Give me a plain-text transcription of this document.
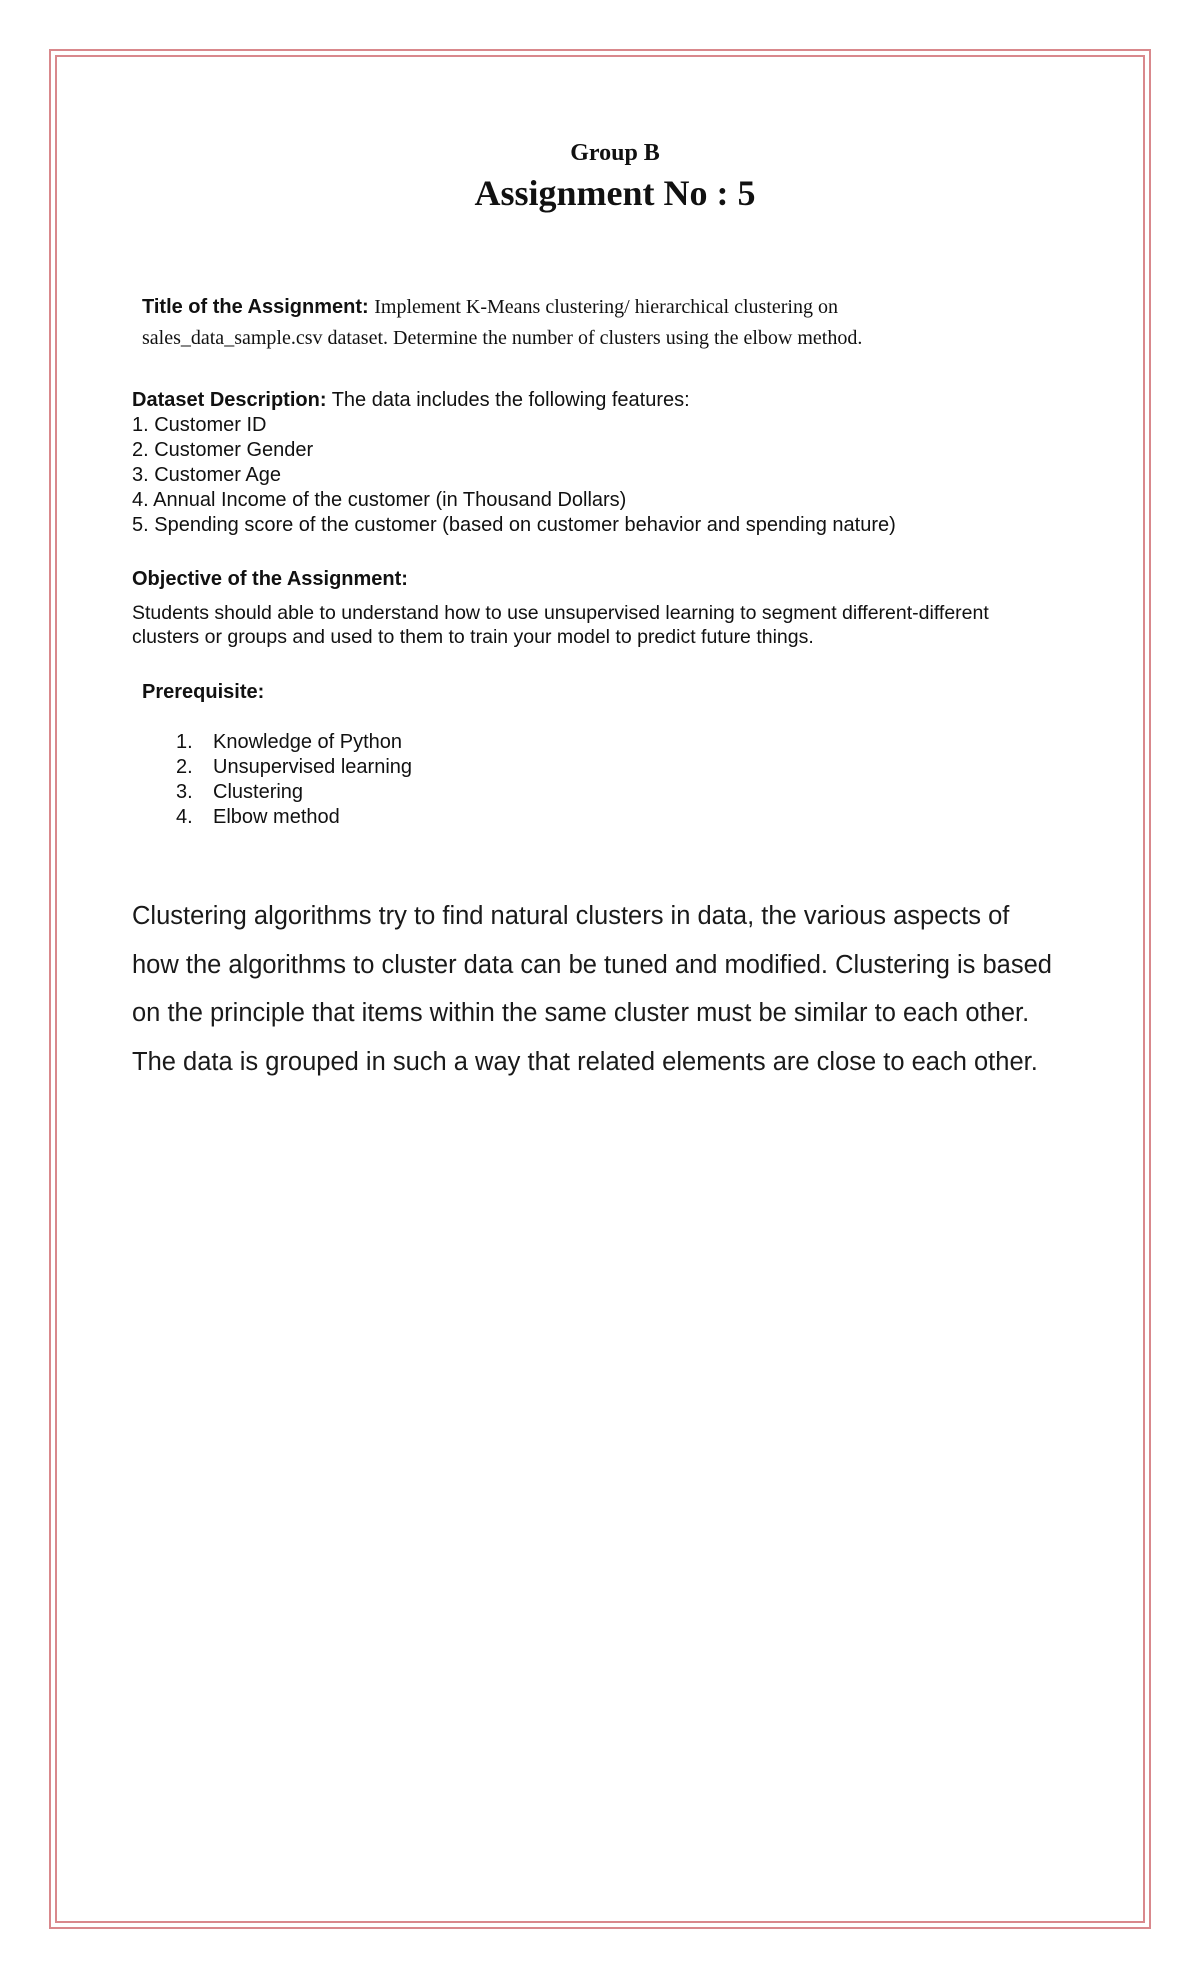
Group B
Assignment No : 5
Title of the Assignment: Implement K-Means clustering/ hierarchical clustering on
sales_data_sample.csv dataset. Determine the number of clusters using the elbow method.
Dataset Description: The data includes the following features:
1. Customer ID
2. Customer Gender
3. Customer Age
4. Annual Income of the customer (in Thousand Dollars)
5. Spending score of the customer (based on customer behavior and spending nature)
Objective of the Assignment:
Students should able to understand how to use unsupervised learning to segment different-different
clusters or groups and used to them to train your model to predict future things.
Prerequisite:
1.	Knowledge of Python
2.	Unsupervised learning
3.	Clustering
4.	Elbow method
Clustering algorithms try to find natural clusters in data, the various aspects of
how the algorithms to cluster data can be tuned and modified. Clustering is based
on the principle that items within the same cluster must be similar to each other.
The data is grouped in such a way that related elements are close to each other.
